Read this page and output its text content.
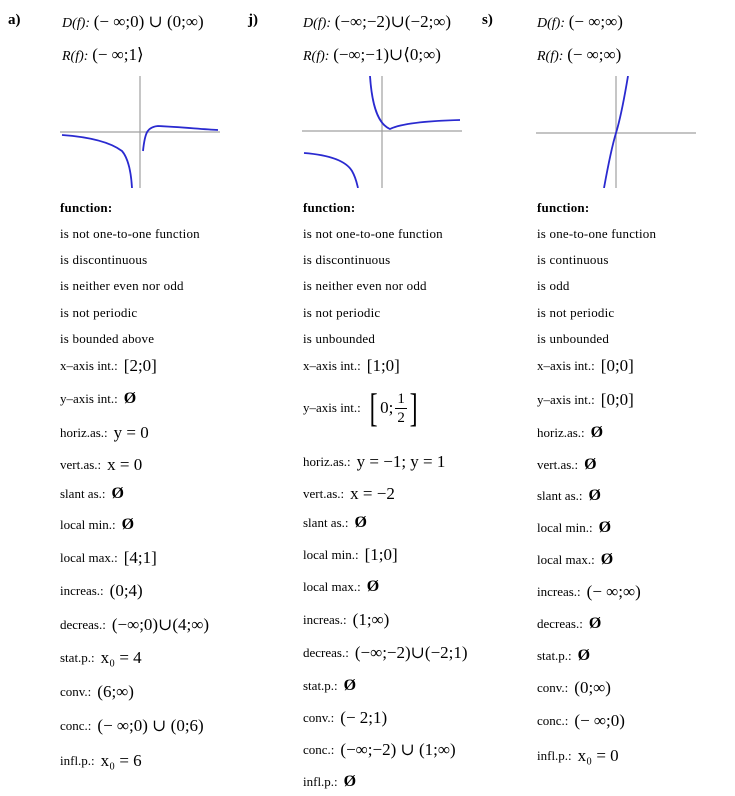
a)	D(f): (− ∞;0) ∪ (0;∞)
R(f): (− ∞;1⟩
function:
is not one-to-one function
is discontinuous
is neither even nor odd
is not periodic
is bounded above
x–axis int.: [2;0]
y–axis int.: Ø
horiz.as.: y = 0
vert.as.: x = 0
slant as.: Ø
local min.: Ø
local max.: [4;1]
increas.: (0;4)
decreas.: (−∞;0)∪(4;∞)
stat.p.: x₀ = 4
conv.: (6;∞)
conc.: (− ∞;0) ∪ (0;6)
infl.p.: x₀ = 6
j)	D(f): (−∞;−2)∪(−2;∞)
R(f): (−∞;−1)∪⟨0;∞)
function:
is not one-to-one function
is discontinuous
is neither even nor odd
is not periodic
is unbounded
x–axis int.: [1;0]
y–axis int.: [ 0; $\frac{1}{2}$ ]
horiz.as.: y = −1; y = 1
vert.as.: x = −2
slant as.: Ø
local min.: [1;0]
local max.: Ø
increas.: (1;∞)
decreas.: (−∞;−2)∪(−2;1)
stat.p.: Ø
conv.: (− 2;1)
conc.: (−∞;−2) ∪ (1;∞)
infl.p.: Ø
s)	D(f): (− ∞;∞)
R(f): (− ∞;∞)
function:
is one-to-one function
is continuous
is odd
is not periodic
is unbounded
x–axis int.: [0;0]
y–axis int.: [0;0]
horiz.as.: Ø
vert.as.: Ø
slant as.: Ø
local min.: Ø
local max.: Ø
increas.: (− ∞;∞)
decreas.: Ø
stat.p.: Ø
conv.: (0;∞)
conc.: (− ∞;0)
infl.p.: x₀ = 0
